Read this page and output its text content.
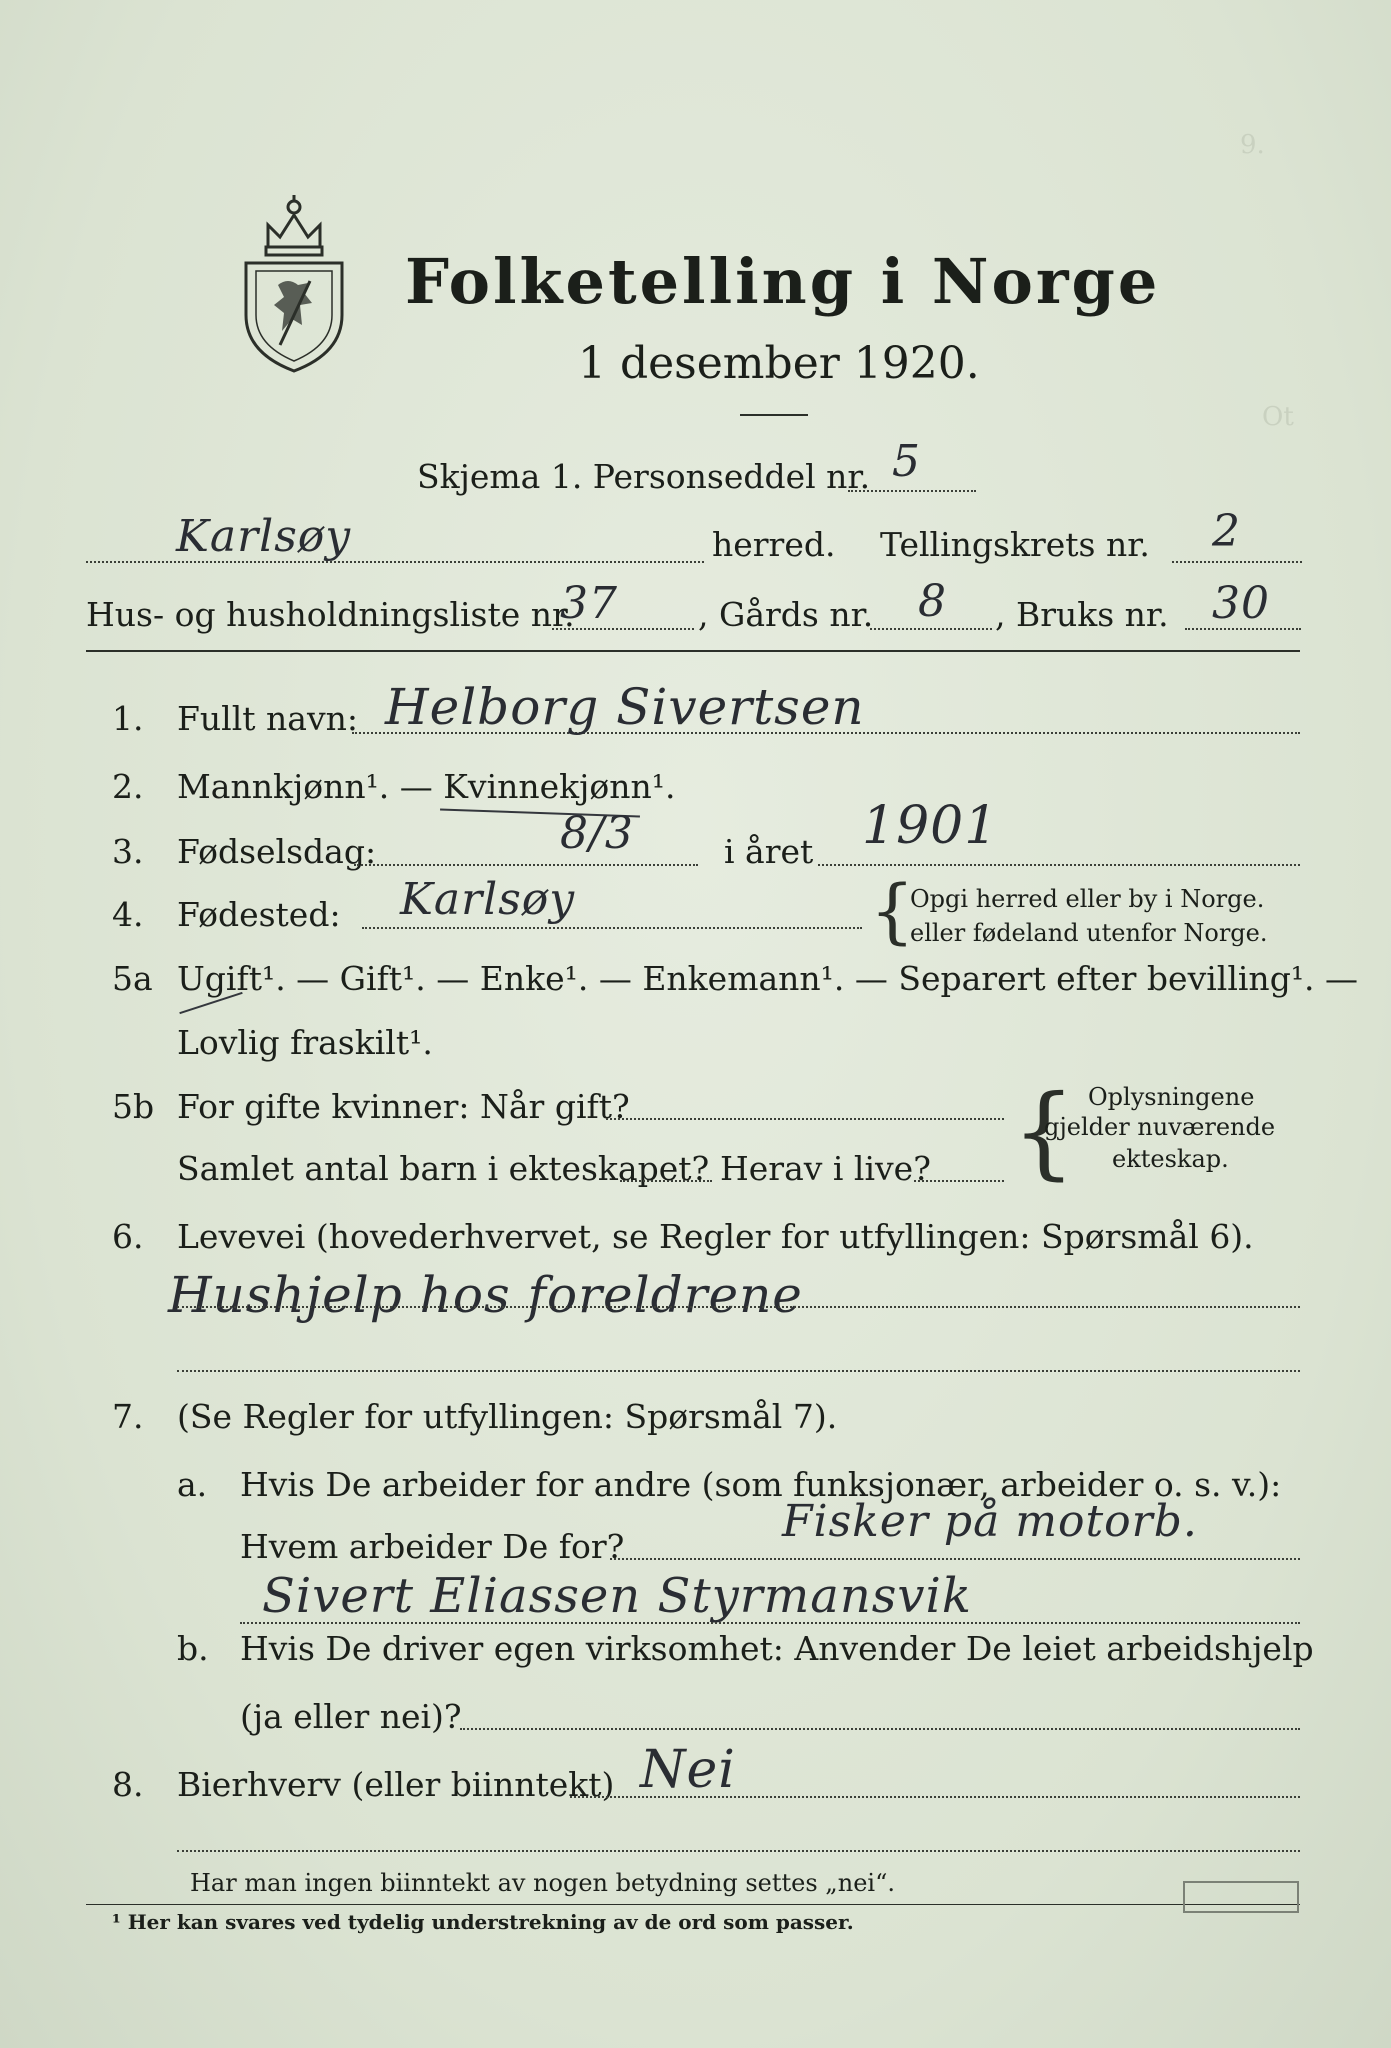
9.
Ot
Folketelling i Norge
1 desember 1920.
Skjema 1. Personseddel nr. 5
Karlsøy	herred. Tellingskrets nr. 2
Hus- og husholdningsliste nr.
37 , Gårds nr. 8 , Bruks nr. 30
1. Fullt navn: Helborg Sivertsen
2. Mannkjønn¹. — Kvinnekjønn¹.
3. Fødselsdag:	8/3	i året 1901
4. Fødested: Karlsøy	{
Opgi herred eller by i Norge.
eller fødeland utenfor Norge.
5a Ugift¹. — Gift¹. — Enke¹. — Enkemann¹. — Separert efter bevilling¹. —
Lovlig fraskilt¹.
5b For gifte kvinner: Når gift?
Samlet antal barn i ekteskapet? Herav i live? { Oplysningene
gjelder nuværende
ekteskap.
6. Levevei (hovederhvervet, se Regler for utfyllingen: Spørsmål 6).
Hushjelp hos foreldrene
7. (Se Regler for utfyllingen: Spørsmål 7).
a. Hvis De arbeider for andre (som funksjonær, arbeider o. s. v.):
Hvem arbeider De for?	Fisker på motorb.
Sivert Eliassen Styrmansvik
b. Hvis De driver egen virksomhet: Anvender De leiet arbeidshjelp
(ja eller nei)?
8. Bierhverv (eller biinntekt) Nei
Har man ingen biinntekt av nogen betydning settes „nei“.
¹ Her kan svares ved tydelig understrekning av de ord som passer.
